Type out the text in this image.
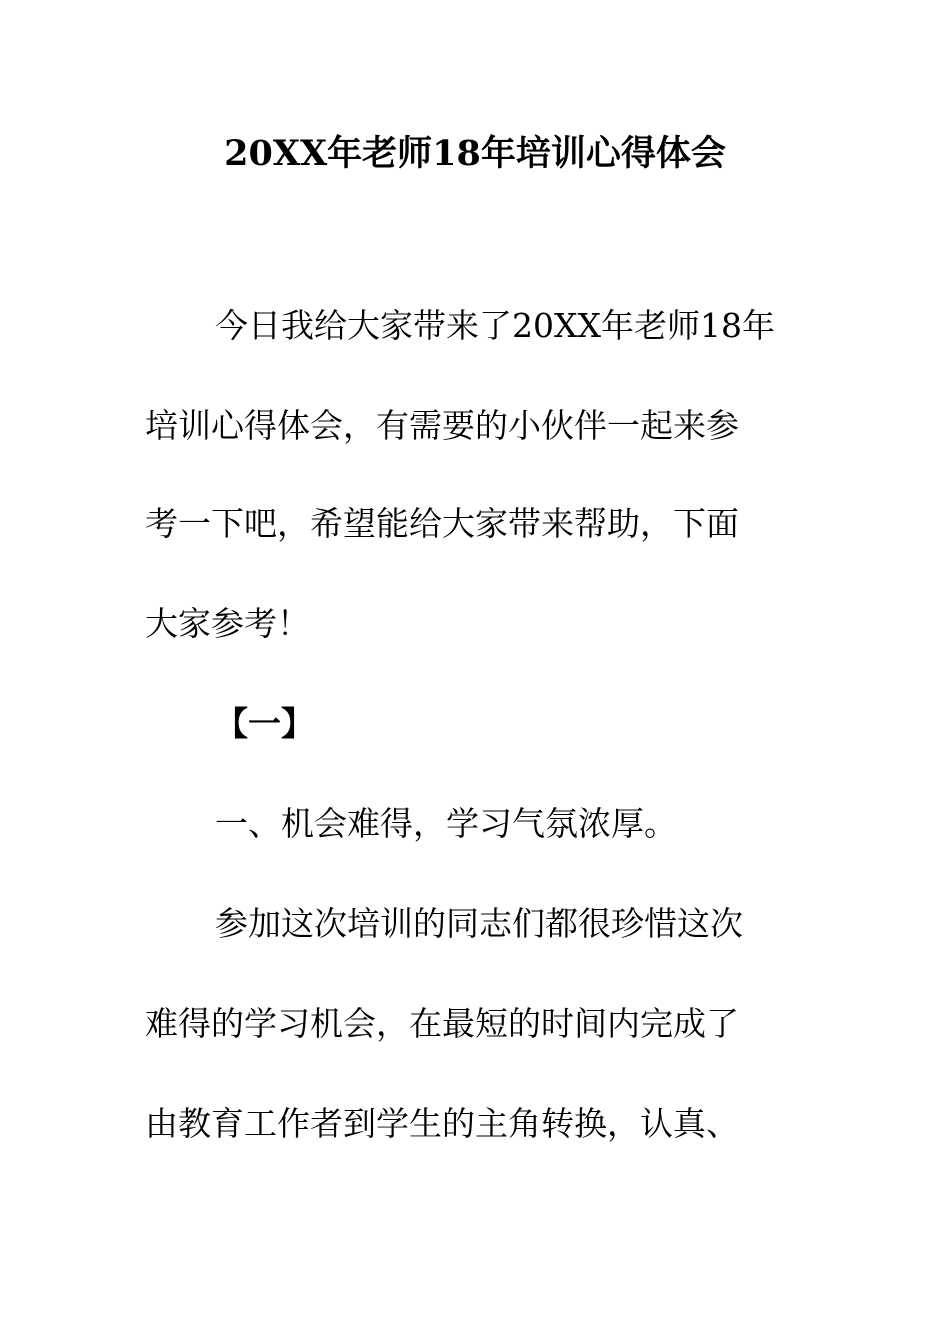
20XX年老师18年培训心得体会
今日我给大家带来了20XX年老师18年
培训心得体会，有需要的小伙伴一起来参
考一下吧，希望能给大家带来帮助，下面
大家参考！
【一】
一、机会难得，学习气氛浓厚。
参加这次培训的同志们都很珍惜这次
难得的学习机会，在最短的时间内完成了
由教育工作者到学生的主角转换，认真、
